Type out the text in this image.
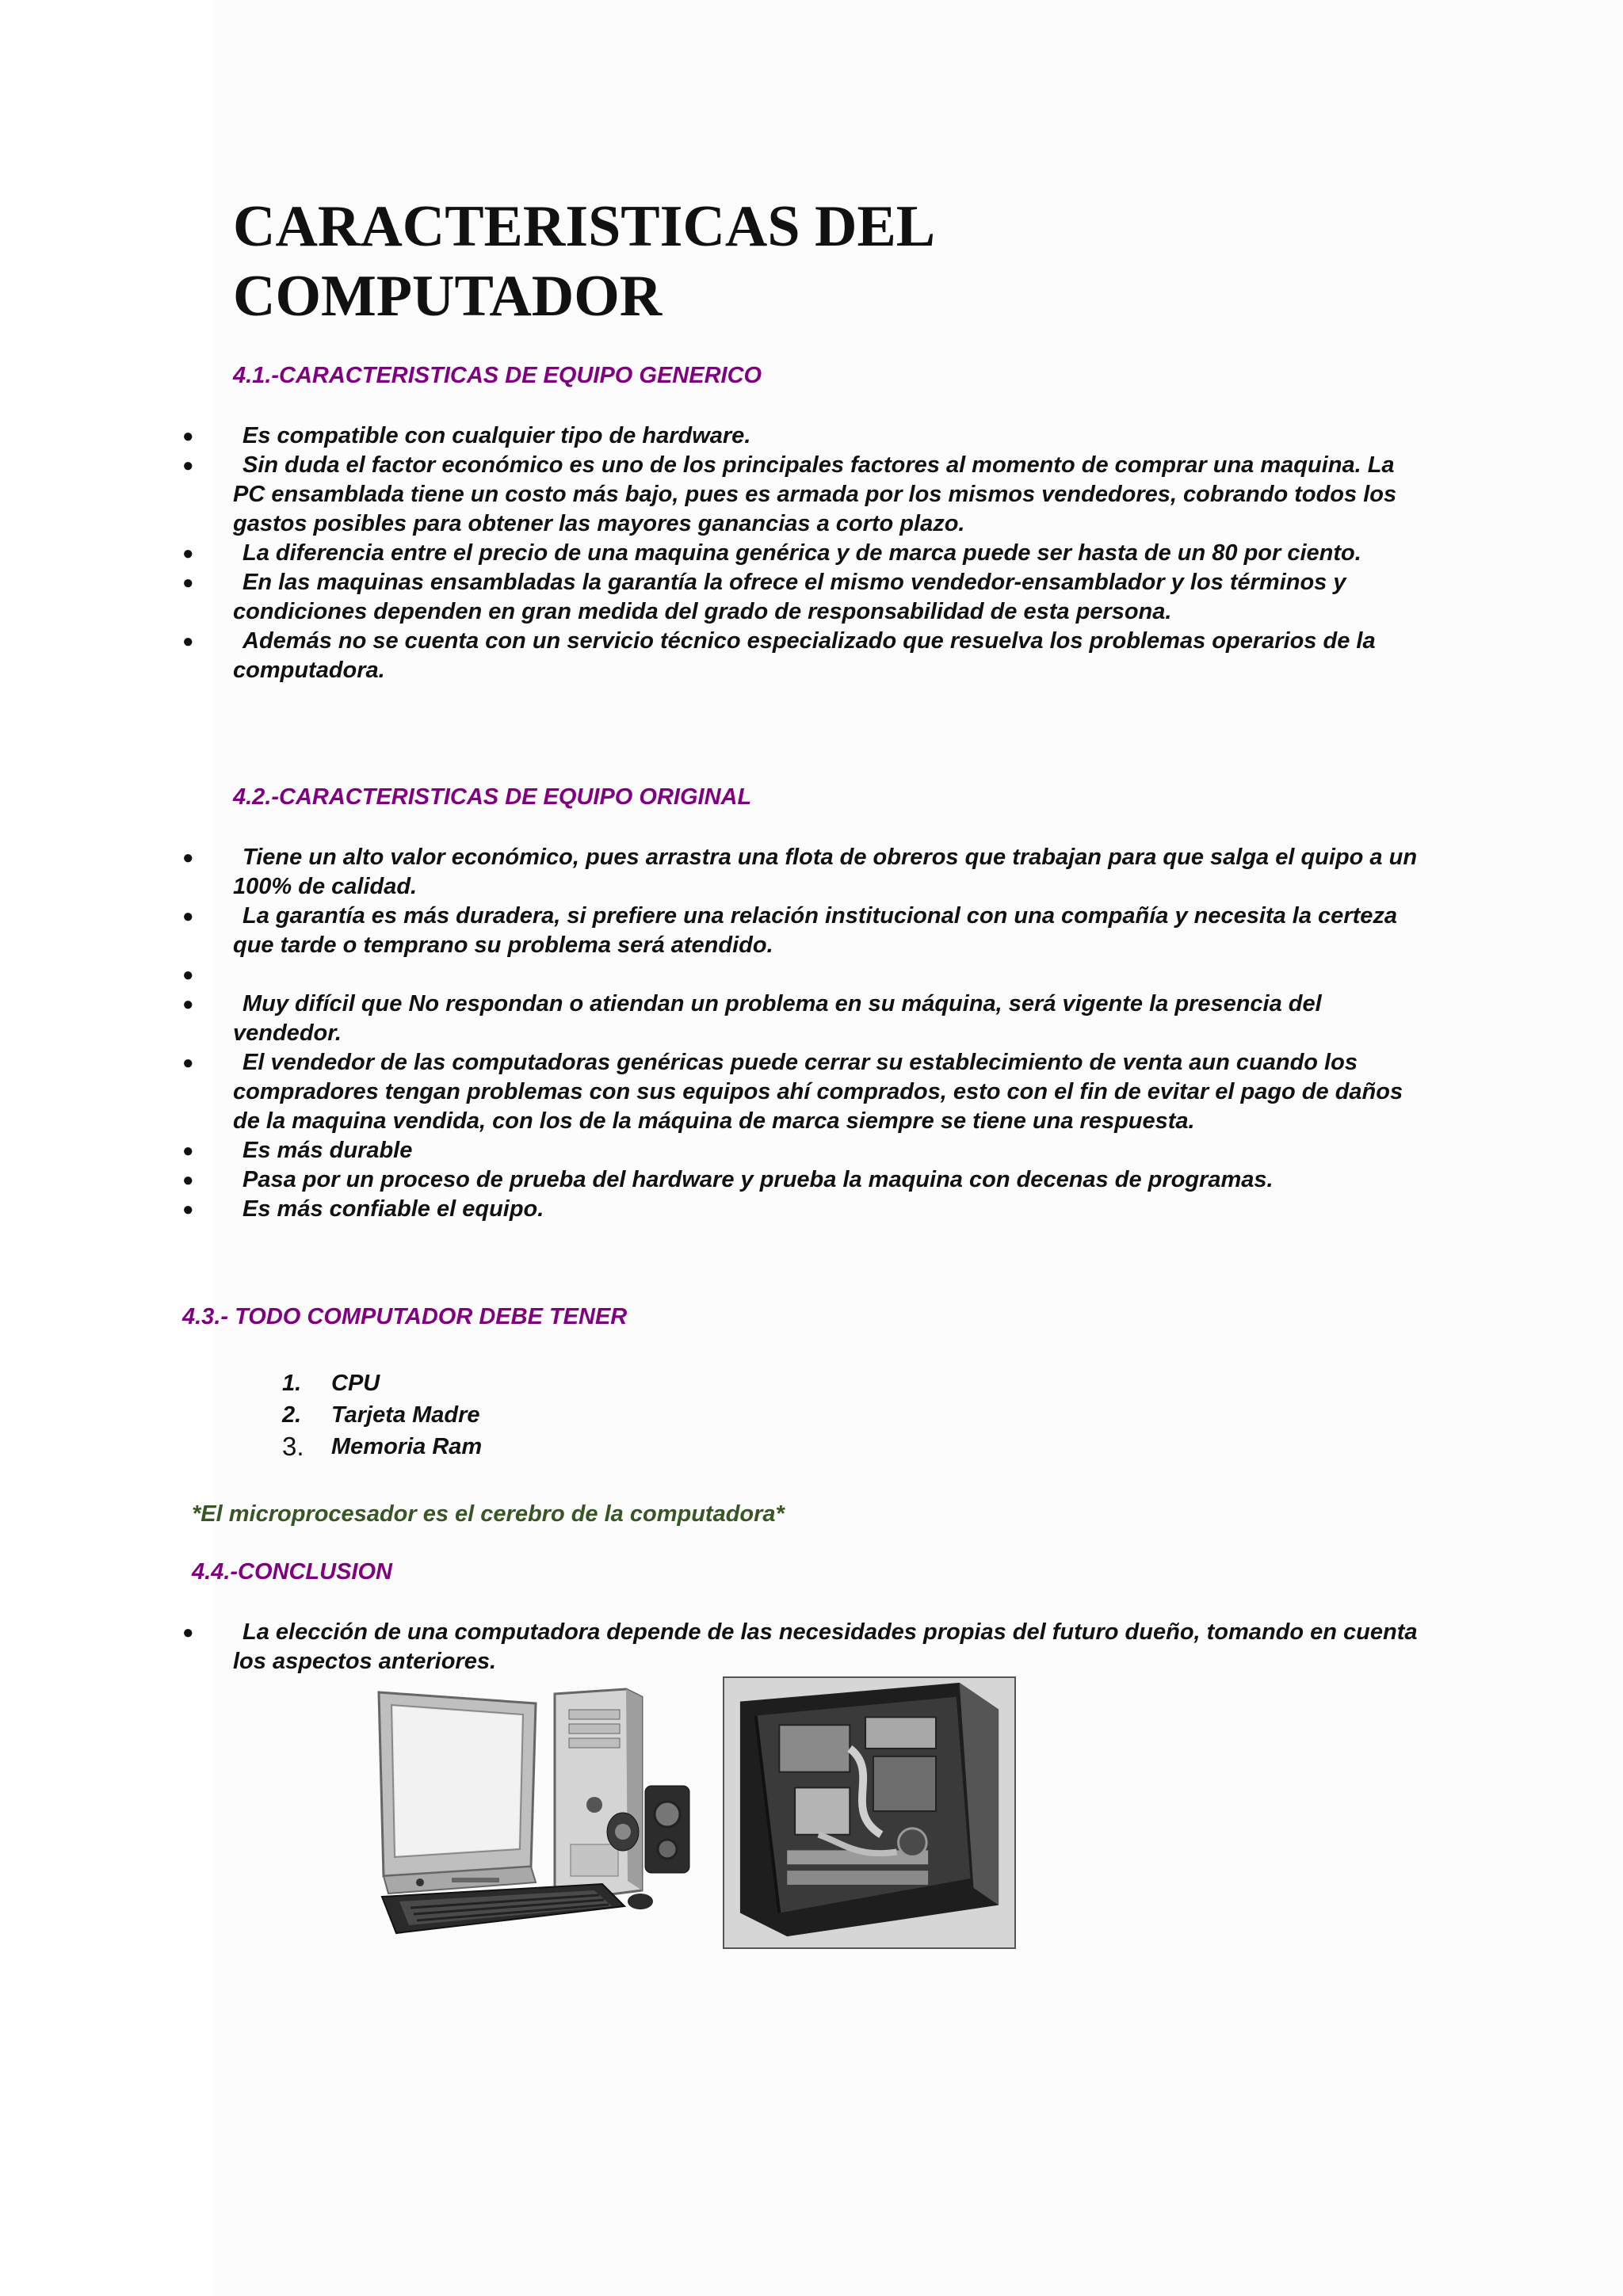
CARACTERISTICAS DEL
COMPUTADOR
4.1.-CARACTERISTICAS DE EQUIPO GENERICO
●	Es compatible con cualquier tipo de hardware.
●	Sin duda el factor económico es uno de los principales factores al momento de comprar una maquina. La PC ensamblada tiene un costo más bajo, pues es armada por los mismos vendedores, cobrando todos los gastos posibles para obtener las mayores ganancias a corto plazo.
●	La diferencia entre el precio de una maquina genérica y de marca puede ser hasta de un 80 por ciento.
●	En las maquinas ensambladas la garantía la ofrece el mismo vendedor-ensamblador y los términos y condiciones dependen en gran medida del grado de responsabilidad de esta persona.
●	Además no se cuenta con un servicio técnico especializado que resuelva los problemas operarios de la computadora.
4.2.-CARACTERISTICAS DE EQUIPO ORIGINAL
●	Tiene un alto valor económico, pues arrastra una flota de obreros que trabajan para que salga el quipo a un 100% de calidad.
●	La garantía es más duradera, si prefiere una relación institucional con una compañía y necesita la certeza que tarde o temprano su problema será atendido.
●
●	Muy difícil que No respondan o atiendan un problema en su máquina, será vigente la presencia del vendedor.
●	El vendedor de las computadoras genéricas puede cerrar su establecimiento de venta aun cuando los compradores tengan problemas con sus equipos ahí comprados, esto con el fin de evitar el pago de daños de la maquina vendida, con los de la máquina de marca siempre se tiene una respuesta.
●	Es más durable
●	Pasa por un proceso de prueba del hardware y prueba la maquina con decenas de programas.
●	Es más confiable el equipo.
4.3.- TODO COMPUTADOR DEBE TENER
1. CPU
2. Tarjeta Madre
3. Memoria Ram

*El microprocesador es el cerebro de la computadora*

4.4.-CONCLUSION
●	La elección de una computadora depende de las necesidades propias del futuro dueño, tomando en cuenta los aspectos anteriores.
